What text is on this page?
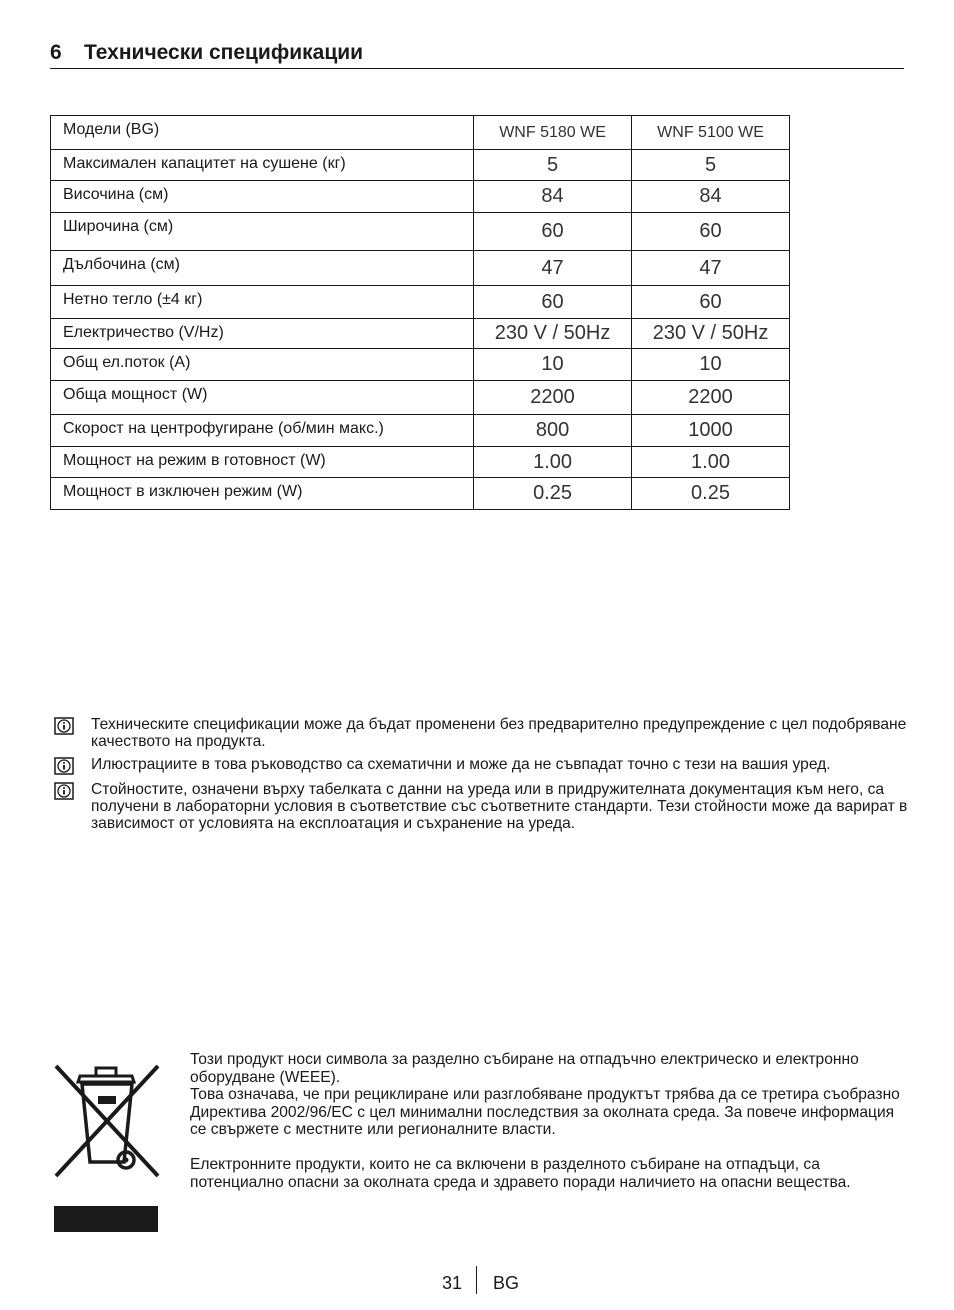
6 Технически спецификации
Модели (BG)	WNF 5180 WE	WNF 5100 WE
Максимален капацитет на сушене (кг)	5	5
Височина (см)	84	84
Широчина (см)	60	60
Дълбочина (см)	47	47
Нетно тегло (±4 кг)	60	60
Електричество (V/Hz)	230 V / 50Hz	230 V / 50Hz
Общ ел.поток (A)	10	10
Обща мощност (W)	2200	2200
Скорост на центрофугиране (об/мин макс.)	800	1000
Мощност на режим в готовност (W)	1.00	1.00
Мощност в изключен режим (W)	0.25	0.25
Техническите спецификации може да бъдат променени без предварително предупреждение с цел подобряване качеството на продукта.
Илюстрациите в това ръководство са схематични и може да не съвпадат точно с тези на вашия уред.
Стойностите, означени върху табелката с данни на уреда или в придружителната документация към него, са получени в лабораторни условия в съответствие със съответните стандарти. Тези стойности може да варират в зависимост от условията на експлоатация и съхранение на уреда.

Този продукт носи символа за разделно събиране на отпадъчно електрическо и електронно оборудване (WEEE).

Това означава, че при рециклиране или разглобяване продуктът трябва да се третира съобразно Директива 2002/96/EC с цел минимални последствия за околната среда. За повече информация се свържете с местните или регионалните власти.

Електронните продукти, които не са включени в разделното събиране на отпадъци, са потенциално опасни за околната среда и здравето поради наличието на опасни вещества.

31 BG
